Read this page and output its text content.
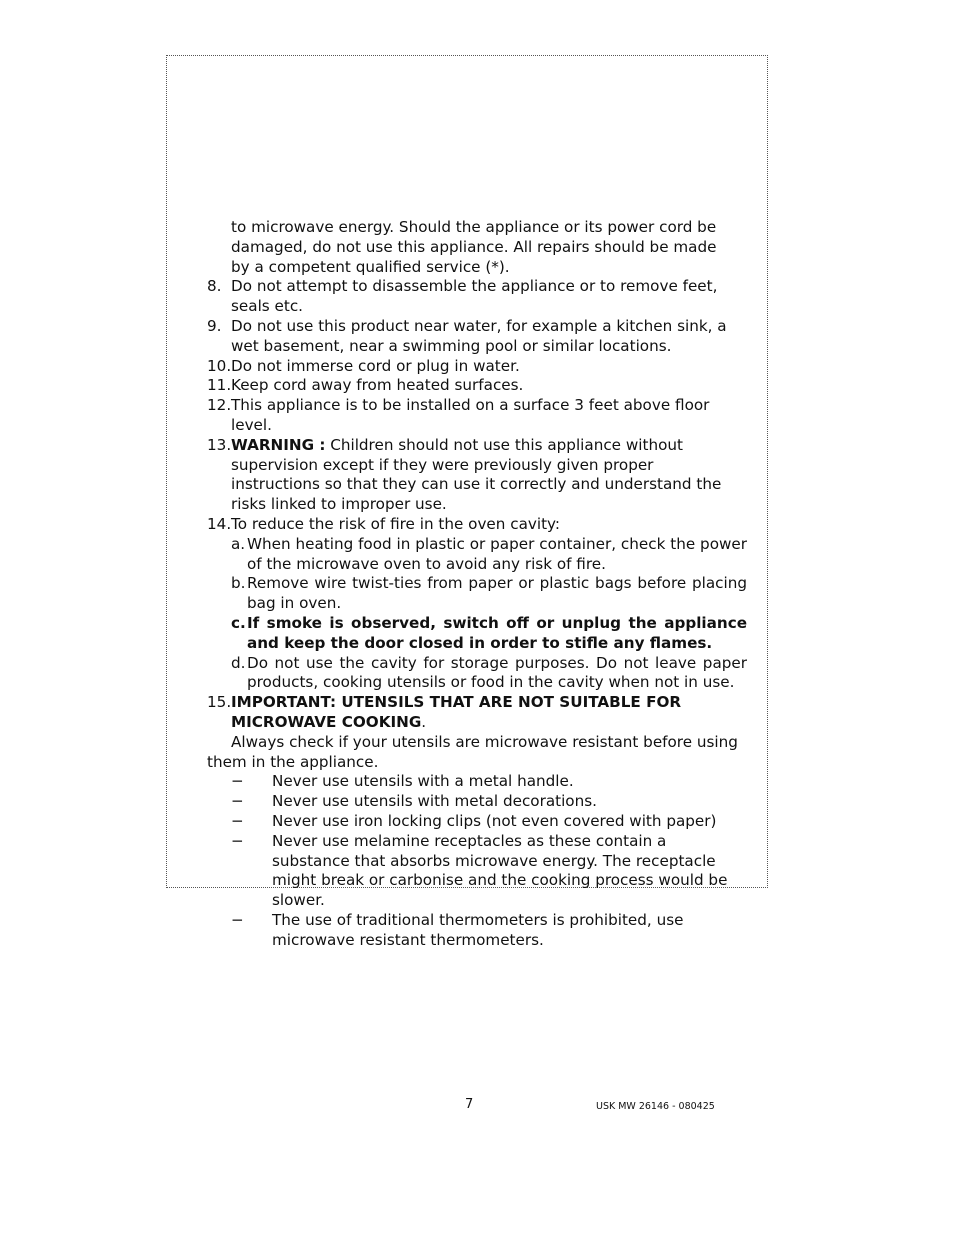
to microwave energy. Should the appliance or its power cord be

damaged, do not use this appliance. All repairs should be made

by a competent qualified service (*).

8. Do not attempt to disassemble the appliance or to remove feet, seals etc.
9. Do not use this product near water, for example a kitchen sink, a wet basement, near a swimming pool or similar locations.
10. Do not immerse cord or plug in water.
11. Keep cord away from heated surfaces.
12. This appliance is to be installed on a surface 3 feet above floor level.
13. WARNING : Children should not use this appliance without supervision except if they were previously given proper instructions so that they can use it correctly and understand the risks linked to improper use.
14. To reduce the risk of fire in the oven cavity:
a. When heating food in plastic or paper container, check the power of the microwave oven to avoid any risk of fire.
b. Remove wire twist-ties from paper or plastic bags before placing bag in oven.
c. If smoke is observed, switch off or unplug the appliance and keep the door closed in order to stifle any flames.
d. Do not use the cavity for storage purposes. Do not leave paper products, cooking utensils or food in the cavity when not in use.
15. IMPORTANT: UTENSILS THAT ARE NOT SUITABLE FOR MICROWAVE COOKING.

Always check if your utensils are microwave resistant before using

them in the appliance.

−	Never use utensils with a metal handle.
−	Never use utensils with metal decorations.
−	Never use iron locking clips (not even covered with paper)
−	Never use melamine receptacles as these contain a substance that absorbs microwave energy. The receptacle might break or carbonise and the cooking process would be slower.
−	The use of traditional thermometers is prohibited, use microwave resistant thermometers.
7	USK MW 26146 - 080425
